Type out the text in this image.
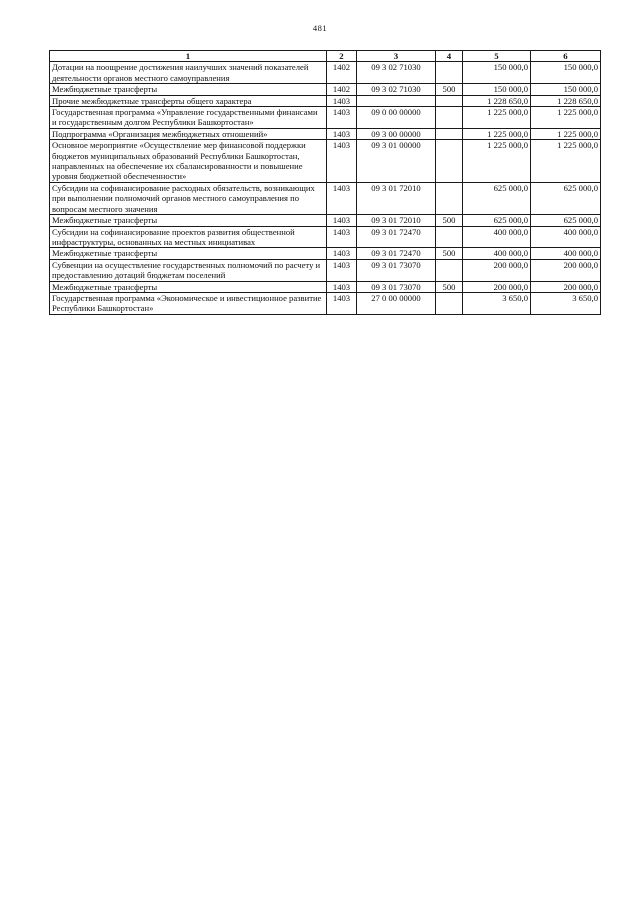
481
1	2	3	4	5	6
Дотации на поощрение достижения наилучших значений показателей деятельности органов местного самоуправления	1402	09 3 02 71030		150 000,0	150 000,0
Межбюджетные трансферты	1402	09 3 02 71030	500	150 000,0	150 000,0
Прочие межбюджетные трансферты общего характера	1403			1 228 650,0	1 228 650,0
Государственная программа «Управление государственными финансами и государственным долгом Республики Башкортостан»	1403	09 0 00 00000		1 225 000,0	1 225 000,0
Подпрограмма «Организация межбюджетных отношений»	1403	09 3 00 00000		1 225 000,0	1 225 000,0
Основное мероприятие «Осуществление мер финансовой поддержки бюджетов муниципальных образований Республики Башкортостан, направленных на обеспечение их сбалансированности и повышение уровня бюджетной обеспеченности»	1403	09 3 01 00000		1 225 000,0	1 225 000,0
Субсидии на софинансирование расходных обязательств, возникающих при выполнении полномочий органов местного самоуправления по вопросам местного значения	1403	09 3 01 72010		625 000,0	625 000,0
Межбюджетные трансферты	1403	09 3 01 72010	500	625 000,0	625 000,0
Субсидии на софинансирование проектов развития общественной инфраструктуры, основанных на местных инициативах	1403	09 3 01 72470		400 000,0	400 000,0
Межбюджетные трансферты	1403	09 3 01 72470	500	400 000,0	400 000,0
Субвенции на осуществление государственных полномочий по расчету и предоставлению дотаций бюджетам поселений	1403	09 3 01 73070		200 000,0	200 000,0
Межбюджетные трансферты	1403	09 3 01 73070	500	200 000,0	200 000,0
Государственная программа «Экономическое и инвестиционное развитие Республики Башкортостан»	1403	27 0 00 00000		3 650,0	3 650,0
